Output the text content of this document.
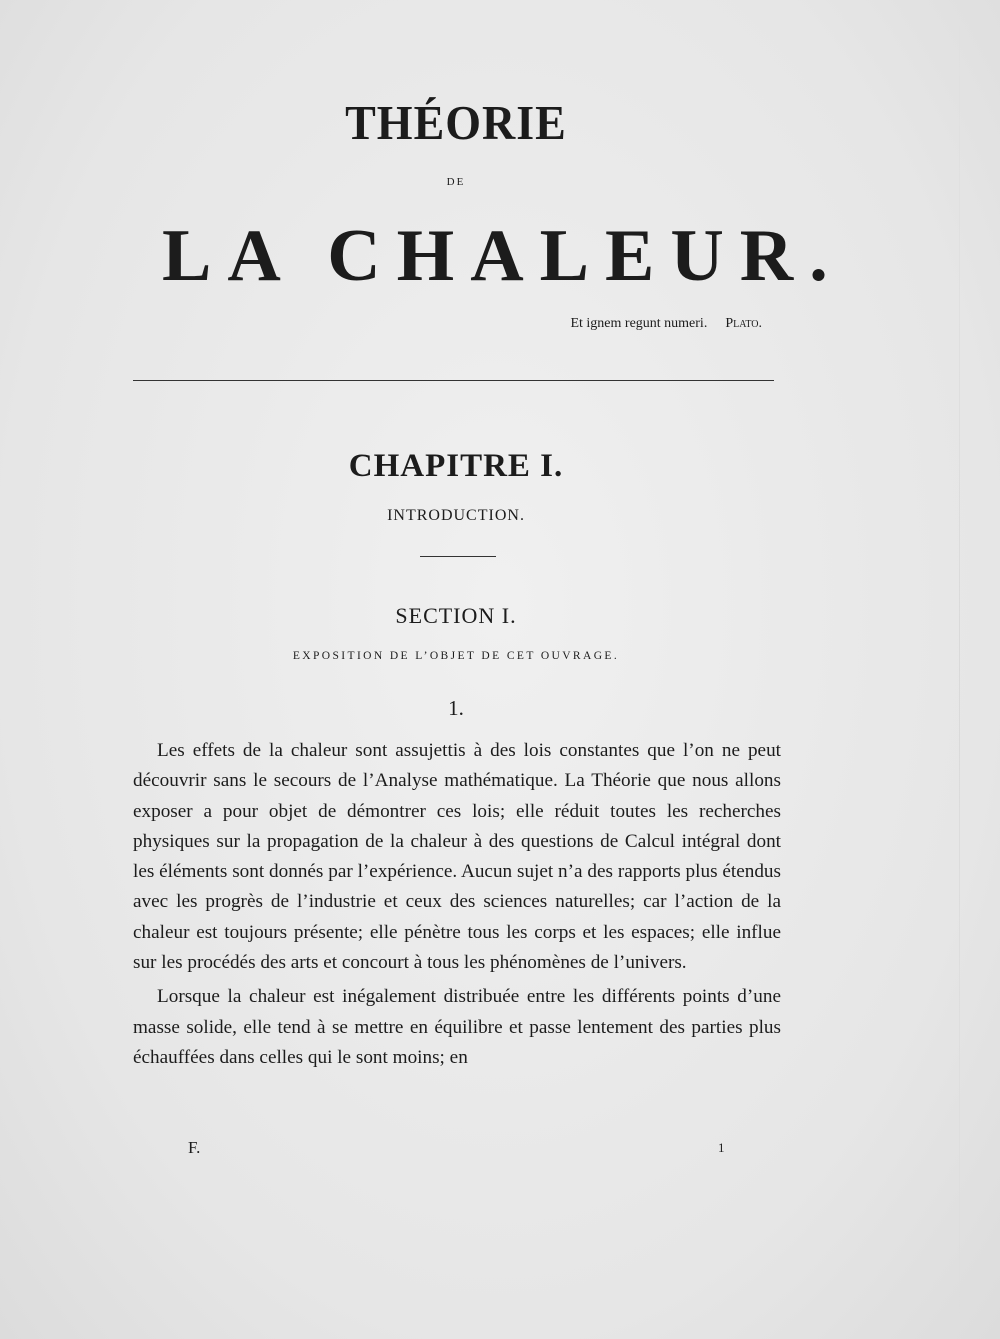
THÉORIE
DE
LA CHALEUR.
Et ignem regunt numeri. Plato.
CHAPITRE I.
INTRODUCTION.
SECTION I.
EXPOSITION DE L’OBJET DE CET OUVRAGE.
1.

Les effets de la chaleur sont assujettis à des lois constantes que l’on ne peut découvrir sans le secours de l’Analyse mathématique. La Théorie que nous allons exposer a pour objet de démontrer ces lois; elle réduit toutes les recherches physiques sur la propagation de la chaleur à des questions de Calcul intégral dont les éléments sont donnés par l’expérience. Aucun sujet n’a des rapports plus étendus avec les progrès de l’industrie et ceux des sciences naturelles; car l’action de la chaleur est toujours présente; elle pénètre tous les corps et les espaces; elle influe sur les procédés des arts et concourt à tous les phénomènes de l’univers.

Lorsque la chaleur est inégalement distribuée entre les différents points d’une masse solide, elle tend à se mettre en équilibre et passe lentement des parties plus échauffées dans celles qui le sont moins; en

F.	1
